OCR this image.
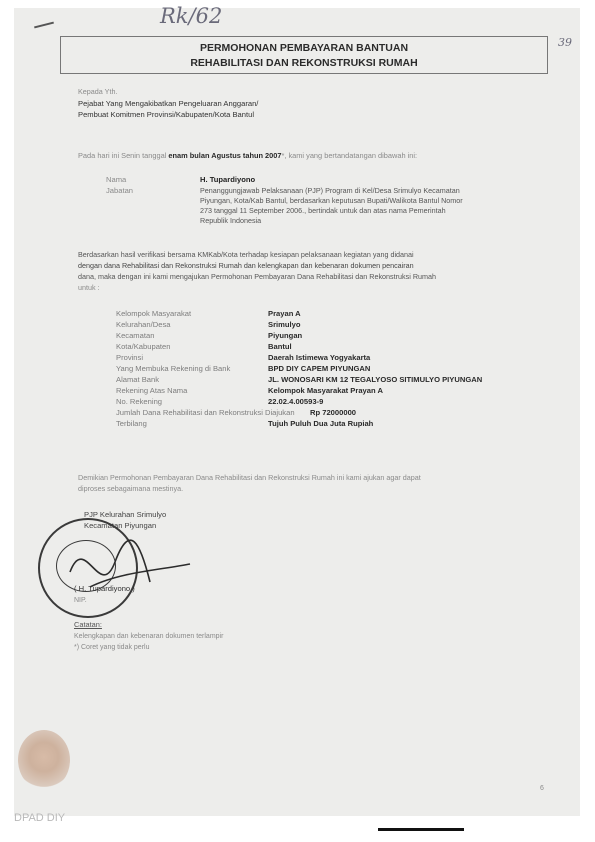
Rk/62
39
PERMOHONAN PEMBAYARAN BANTUAN
REHABILITASI DAN REKONSTRUKSI RUMAH
Kepada Yth.
Pejabat Yang Mengakibatkan Pengeluaran Anggaran/
Pembuat Komitmen Provinsi/Kabupaten/Kota Bantul
Pada hari ini Senin tanggal enam bulan Agustus tahun 2007*, kami yang bertandatangan dibawah ini:
Nama	H. Tupardiyono
Jabatan	Penanggungjawab Pelaksanaan (PJP) Program di Kel/Desa Srimulyo Kecamatan
Piyungan, Kota/Kab Bantul, berdasarkan keputusan Bupati/Walikota Bantul Nomor
273 tanggal 11 September 2006., bertindak untuk dan atas nama Pemerintah
Republik Indonesia
Berdasarkan hasil verifikasi bersama KMKab/Kota terhadap kesiapan pelaksanaan kegiatan yang didanai
dengan dana Rehabilitasi dan Rekonstruksi Rumah dan kelengkapan dan kebenaran dokumen pencairan
dana, maka dengan ini kami mengajukan Permohonan Pembayaran Dana Rehabilitasi dan Rekonstruksi Rumah
untuk :
Kelompok Masyarakat	Prayan A
Kelurahan/Desa	Srimulyo
Kecamatan	Piyungan
Kota/Kabupaten	Bantul
Provinsi	Daerah Istimewa Yogyakarta
Yang Membuka Rekening di Bank	BPD DIY CAPEM PIYUNGAN
Alamat Bank	JL. WONOSARI KM 12 TEGALYOSO SITIMULYO PIYUNGAN
Rekening Atas Nama	Kelompok Masyarakat Prayan A
No. Rekening	22.02.4.00593-9
Jumlah Dana Rehabilitasi dan Rekonstruksi Diajukan Rp 72000000
Terbilang	Tujuh Puluh Dua Juta Rupiah
Demikian Permohonan Pembayaran Dana Rehabilitasi dan Rekonstruksi Rumah ini kami ajukan agar dapat
diproses sebagaimana mestinya.
PJP Kelurahan Srimulyo
Kecamatan Piyungan
( H. Tupardiyono )
NIP.
Catatan:
Kelengkapan dan kebenaran dokumen terlampir
*) Coret yang tidak perlu
DPAD DIY
6
